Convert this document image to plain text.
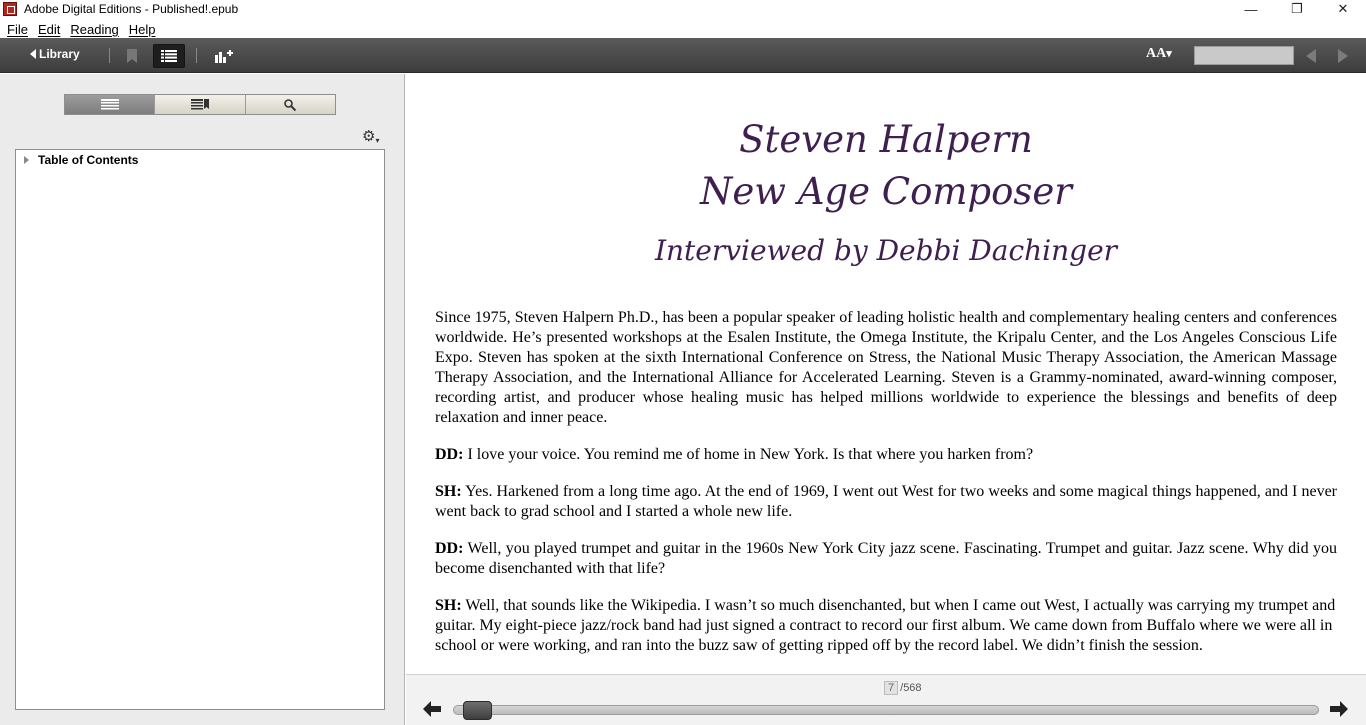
Adobe Digital Editions - Published!.epub	—	❐	✕
File Edit Reading Help
Library	AA▾
⚙▾
Table of Contents	Steven Halpern
New Age Composer
Interviewed by Debbi Dachinger

Since 1975, Steven Halpern Ph.D., has been a popular speaker of leading holistic health and complementary healing centers and conferences worldwide. He’s presented workshops at the Esalen Institute, the Omega Institute, the Kripalu Center, and the Los Angeles Conscious Life Expo. Steven has spoken at the sixth International Conference on Stress, the National Music Therapy Association, the American Massage Therapy Association, and the International Alliance for Accelerated Learning. Steven is a Grammy-nominated, award-winning composer, recording artist, and producer whose healing music has helped millions worldwide to experience the blessings and benefits of deep relaxation and inner peace.

DD: I love your voice. You remind me of home in New York. Is that where you harken from?

SH: Yes. Harkened from a long time ago. At the end of 1969, I went out West for two weeks and some magical things happened, and I never went back to grad school and I started a whole new life.

DD: Well, you played trumpet and guitar in the 1960s New York City jazz scene. Fascinating. Trumpet and guitar. Jazz scene. Why did you become disenchanted with that life?

SH: Well, that sounds like the Wikipedia. I wasn’t so much disenchanted, but when I came out West, I actually was carrying my trumpet and guitar. My eight-piece jazz/rock band had just signed a contract to record our first album. We came down from Buffalo where we were all in school or were working, and ran into the buzz saw of getting ripped off by the record label. We didn’t finish the session.

7 / 568
